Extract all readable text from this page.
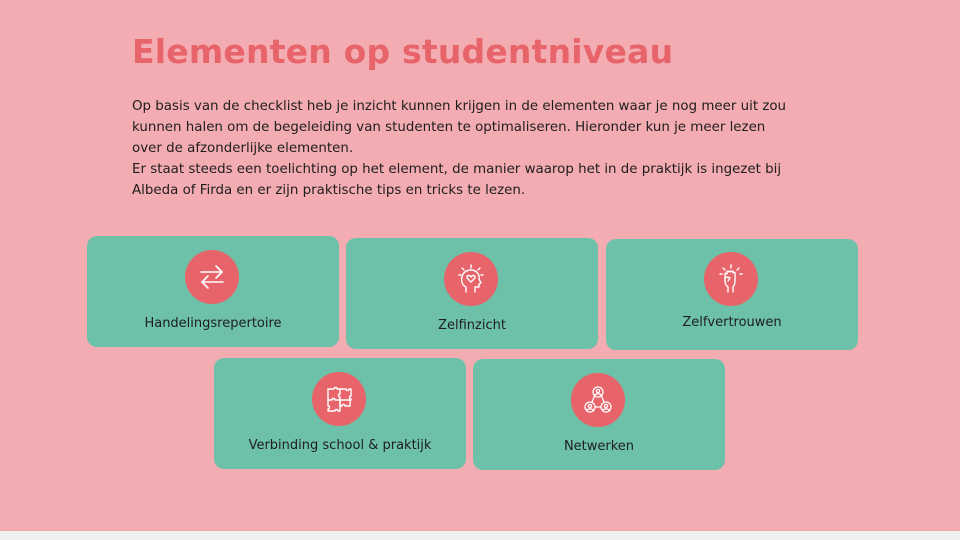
Elementen op studentniveau

Op basis van de checklist heb je inzicht kunnen krijgen in de elementen waar je nog meer uit zou kunnen halen om de begeleiding van studenten te optimaliseren. Hieronder kun je meer lezen over de afzonderlijke elementen.

Er staat steeds een toelichting op het element, de manier waarop het in de praktijk is ingezet bij Albeda of Firda en er zijn praktische tips en tricks te lezen.

Handelingsrepertoire	Zelfinzicht	Zelfvertrouwen
Verbinding school & praktijk	Netwerken
